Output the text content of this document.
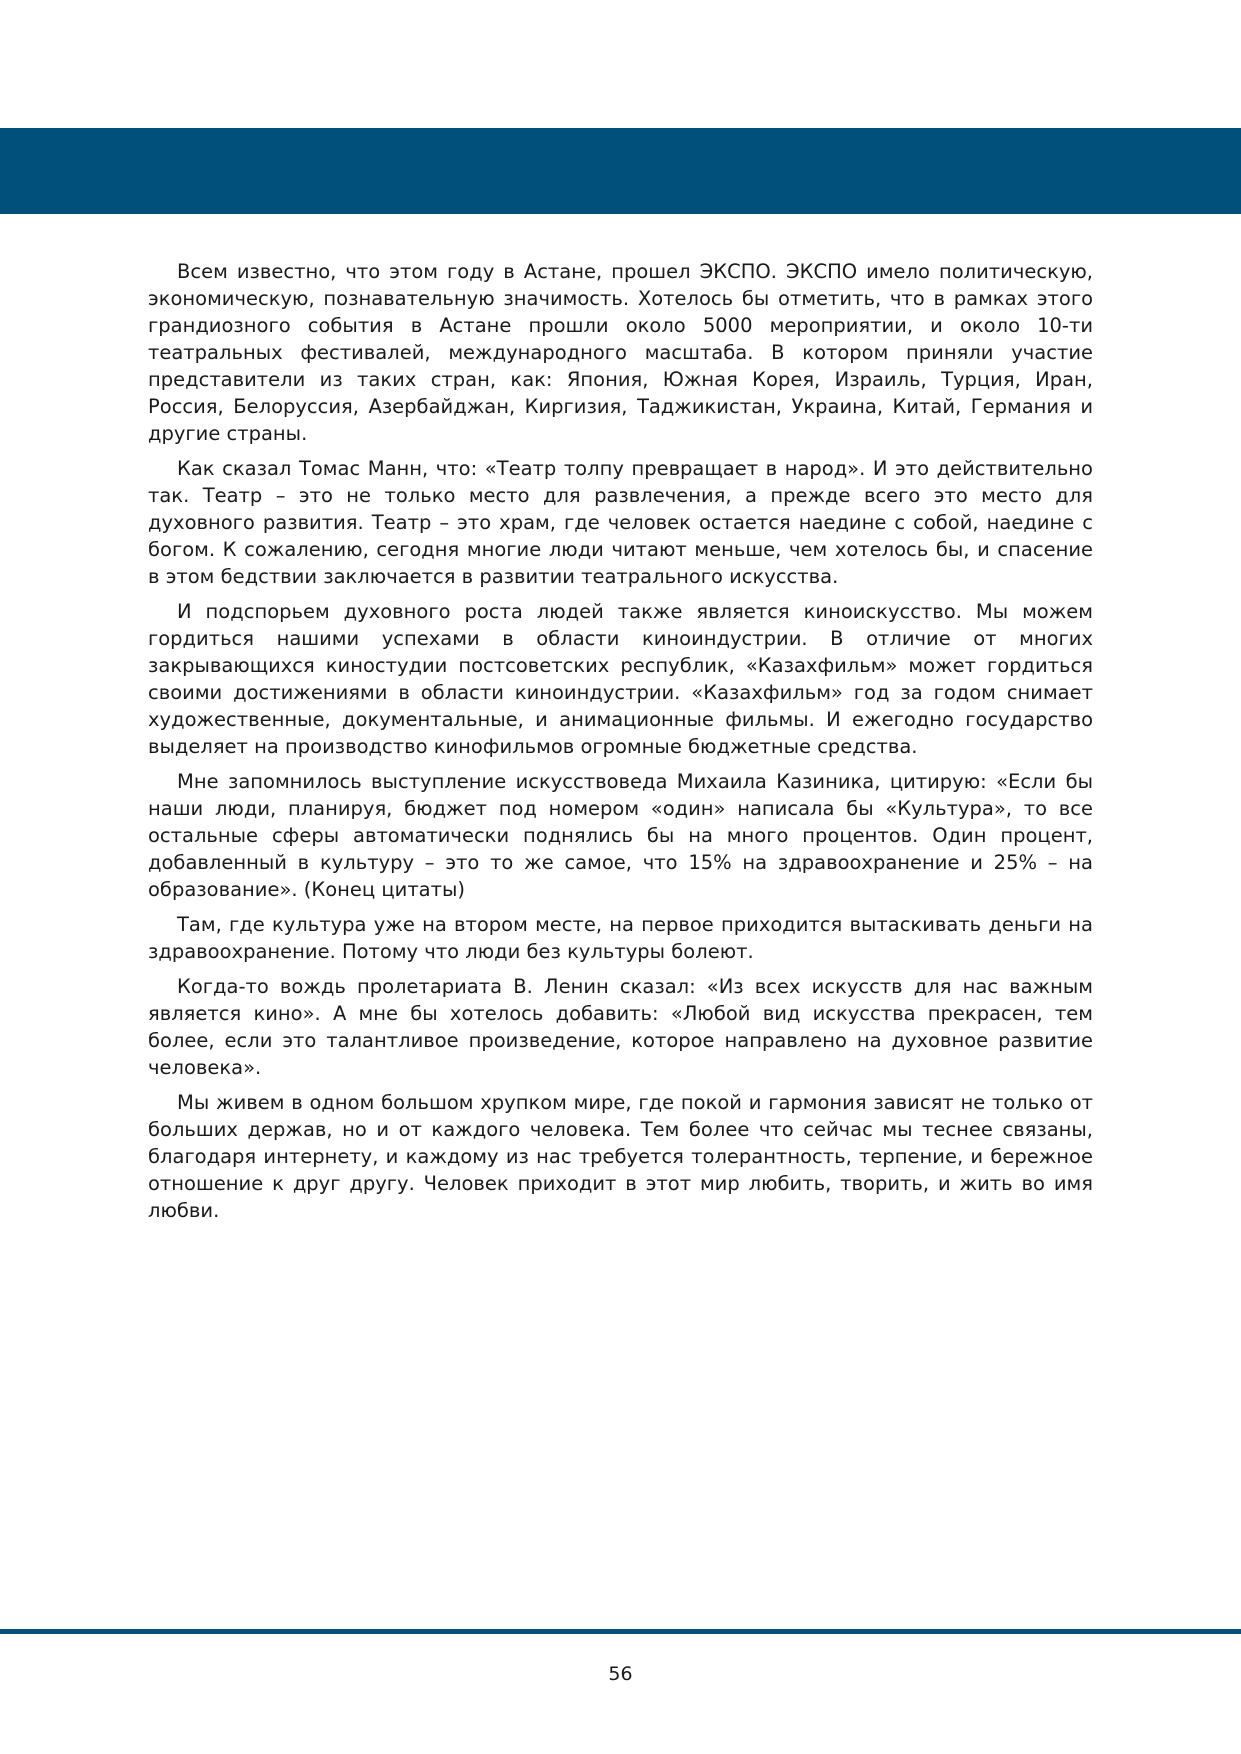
Всем известно, что этом году в Астане, прошел ЭКСПО. ЭКСПО имело политическую, экономическую, познавательную значимость. Хотелось бы отметить, что в рамках этого грандиозного события в Астане прошли около 5000 мероприятии, и около 10-ти театральных фестивалей, международного масштаба. В котором приняли участие представители из таких стран, как: Япония, Южная Корея, Израиль, Турция, Иран, Россия, Белоруссия, Азербайджан, Киргизия, Таджикистан, Украина, Китай, Германия и другие страны.

Как сказал Томас Манн, что: «Театр толпу превращает в народ». И это действительно так. Театр – это не только место для развлечения, а прежде всего это место для духовного развития. Театр – это храм, где человек остается наедине с собой, наедине с богом. К сожалению, сегодня многие люди читают меньше, чем хотелось бы, и спасение в этом бедствии заключается в развитии театрального искусства.

И подспорьем духовного роста людей также является киноискусство. Мы можем гордиться нашими успехами в области киноиндустрии. В отличие от многих закрывающихся киностудии постсоветских республик, «Казахфильм» может гордиться своими достижениями в области киноиндустрии. «Казахфильм» год за годом снимает художественные, документальные, и анимационные фильмы. И ежегодно государство выделяет на производство кинофильмов огромные бюджетные средства.

Мне запомнилось выступление искусствоведа Михаила Казиника, цитирую: «Если бы наши люди, планируя, бюджет под номером «один» написала бы «Культура», то все остальные сферы автоматически поднялись бы на много процентов. Один процент, добавленный в культуру – это то же самое, что 15% на здравоохранение и 25% – на образование». (Конец цитаты)

Там, где культура уже на втором месте, на первое приходится вытаскивать деньги на здравоохранение. Потому что люди без культуры болеют.

Когда-то вождь пролетариата В. Ленин сказал: «Из всех искусств для нас важным является кино». А мне бы хотелось добавить: «Любой вид искусства прекрасен, тем более, если это талантливое произведение, которое направлено на духовное развитие человека».

Мы живем в одном большом хрупком мире, где покой и гармония зависят не только от больших держав, но и от каждого человека. Тем более что сейчас мы теснее связаны, благодаря интернету, и каждому из нас требуется толерантность, терпение, и бережное отношение к друг другу. Человек приходит в этот мир любить, творить, и жить во имя любви.

56
